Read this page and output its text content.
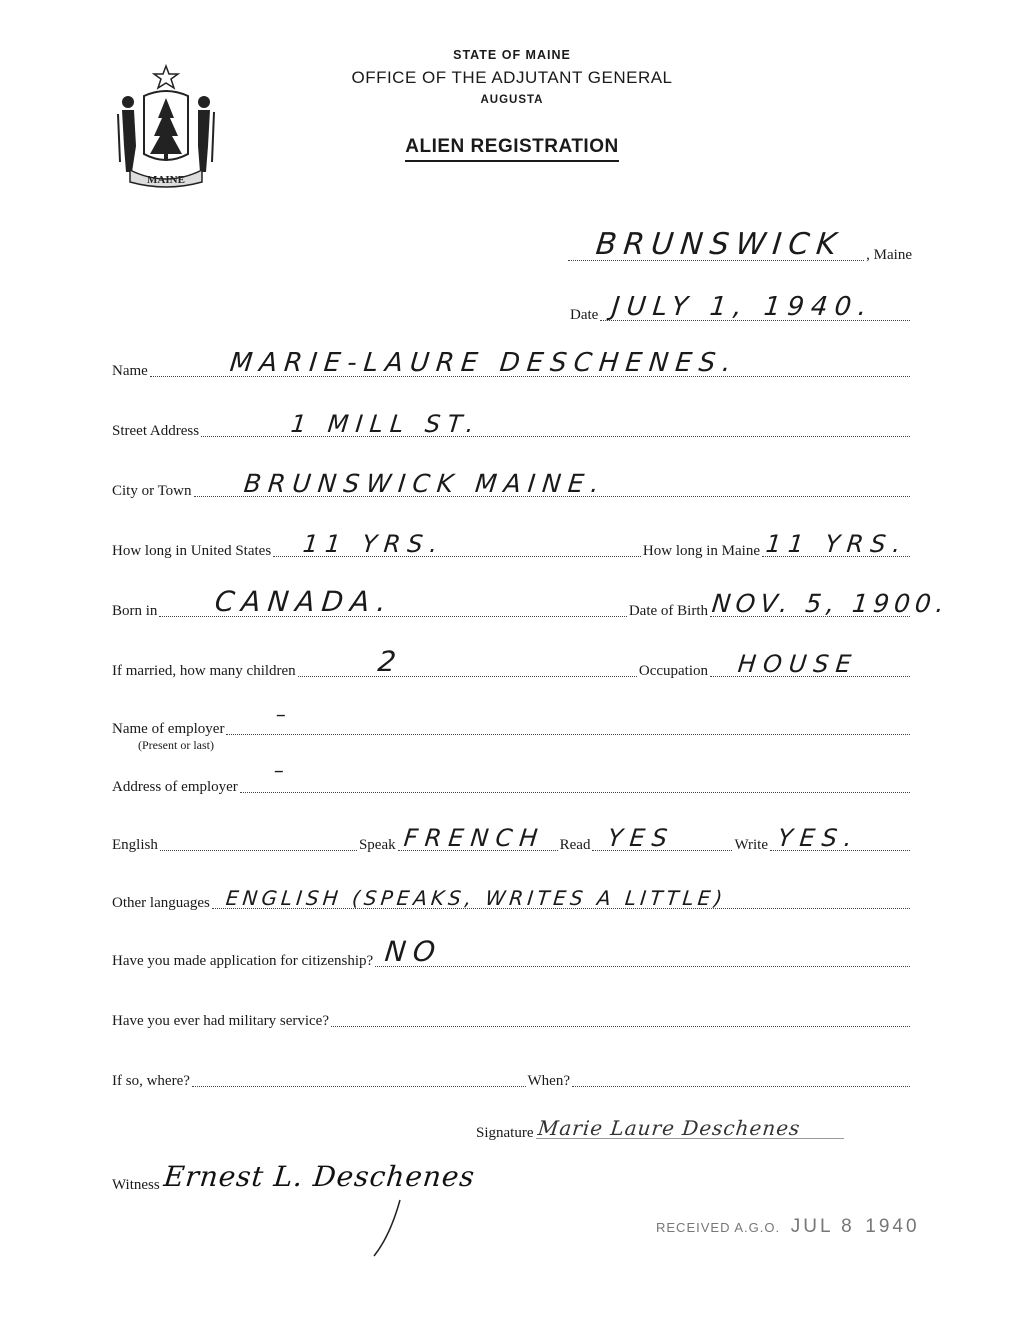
MAINE
STATE OF MAINE
OFFICE OF THE ADJUTANT GENERAL
AUGUSTA
ALIEN REGISTRATION
BRUNSWICK , Maine
Date JULY 1, 1940.
Name	MARIE-LAURE DESCHENES.
Street Address	1 MILL ST.
City or Town BRUNSWICK MAINE.
How long in United States 11 YRS.	How long in Maine 11 YRS.
Born in CANADA.	Date of Birth NOV. 5, 1900.
If married, how many children	2	Occupation HOUSE
Name of employer
–
(Present or last)
Address of employer
–
English	Speak FRENCH Read YES	Write YES.
Other languages ENGLISH (SPEAKS, WRITES A LITTLE)
Have you made application for citizenship? NO
Have you ever had military service?
If so, where?	When?
Signature Marie Laure Deschenes
Witness Ernest L. Deschenes
RECEIVED A.G.O. JUL 8 1940
